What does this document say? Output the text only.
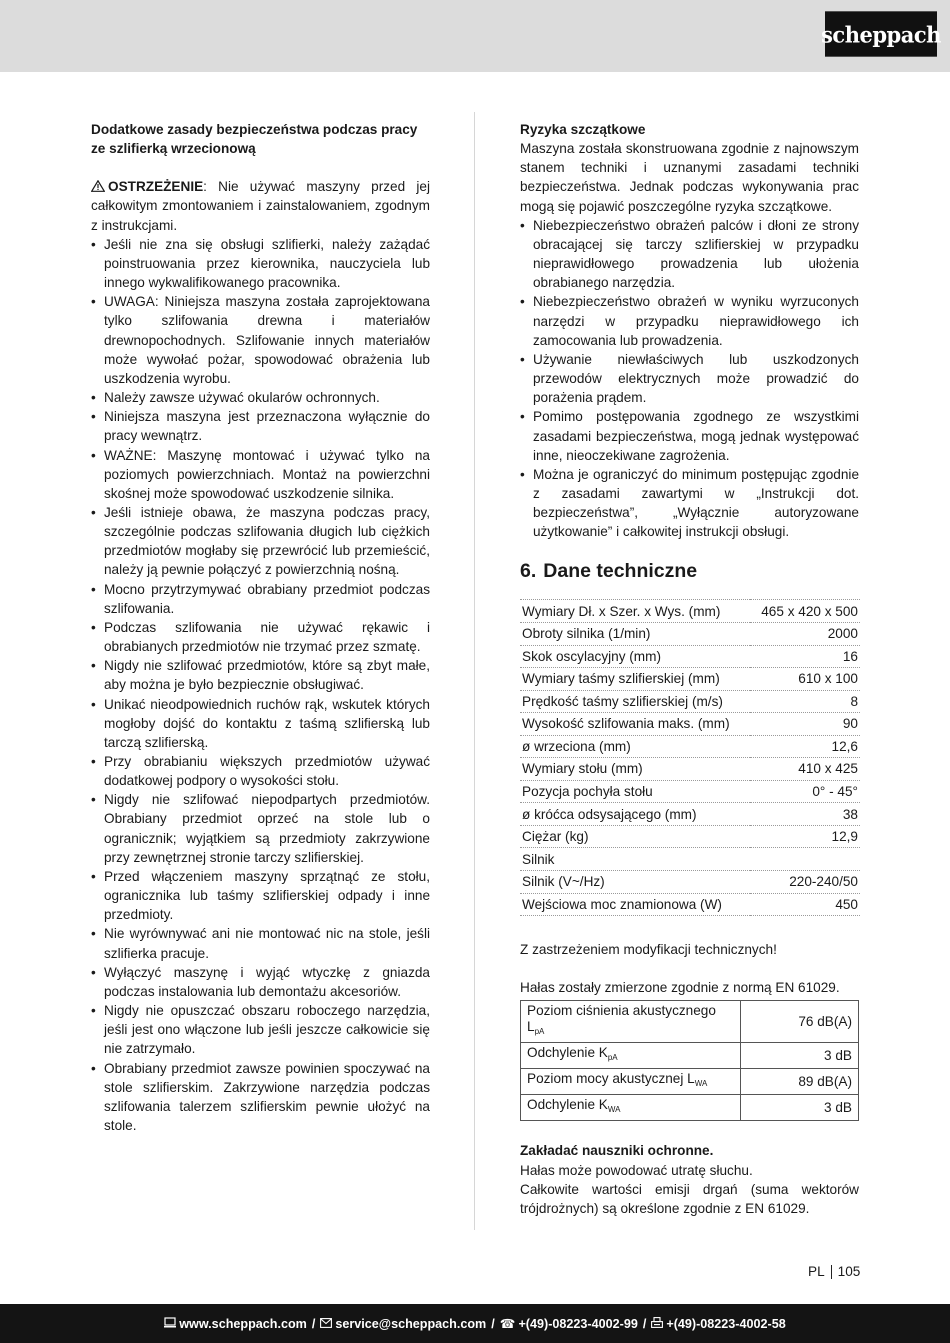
scheppach
Dodatkowe zasady bezpieczeństwa podczas pracy ze szlifierką wrzecionową
OSTRZEŻENIE: Nie używać maszyny przed jej całkowitym zmontowaniem i zainstalowaniem, zgodnym z instrukcjami.
• Jeśli nie zna się obsługi szlifierki, należy zażądać poinstruowania przez kierownika, nauczyciela lub innego wykwalifikowanego pracownika.
• UWAGA: Niniejsza maszyna została zaprojektowana tylko szlifowania drewna i materiałów drewnopochodnych. Szlifowanie innych materiałów może wywołać pożar, spowodować obrażenia lub uszkodzenia wyrobu.
• Należy zawsze używać okularów ochronnych.
• Niniejsza maszyna jest przeznaczona wyłącznie do pracy wewnątrz.
• WAŻNE: Maszynę montować i używać tylko na poziomych powierzchniach. Montaż na powierzchni skośnej może spowodować uszkodzenie silnika.
• Jeśli istnieje obawa, że maszyna podczas pracy, szczególnie podczas szlifowania długich lub ciężkich przedmiotów mogłaby się przewrócić lub przemieścić, należy ją pewnie połączyć z powierzchnią nośną.
• Mocno przytrzymywać obrabiany przedmiot podczas szlifowania.
• Podczas szlifowania nie używać rękawic i obrabianych przedmiotów nie trzymać przez szmatę.
• Nigdy nie szlifować przedmiotów, które są zbyt małe, aby można je było bezpiecznie obsługiwać.
• Unikać nieodpowiednich ruchów rąk, wskutek których mogłoby dojść do kontaktu z taśmą szlifierską lub tarczą szlifierską.
• Przy obrabianiu większych przedmiotów używać dodatkowej podpory o wysokości stołu.
• Nigdy nie szlifować niepodpartych przedmiotów. Obrabiany przedmiot oprzeć na stole lub o ogranicznik; wyjątkiem są przedmioty zakrzywione przy zewnętrznej stronie tarczy szlifierskiej.
• Przed włączeniem maszyny sprzątnąć ze stołu, ogranicznika lub taśmy szlifierskiej odpady i inne przedmioty.
• Nie wyrównywać ani nie montować nic na stole, jeśli szlifierka pracuje.
• Wyłączyć maszynę i wyjąć wtyczkę z gniazda podczas instalowania lub demontażu akcesoriów.
• Nigdy nie opuszczać obszaru roboczego narzędzia, jeśli jest ono włączone lub jeśli jeszcze całkowicie się nie zatrzymało.
• Obrabiany przedmiot zawsze powinien spoczywać na stole szlifierskim. Zakrzywione narzędzia podczas szlifowania talerzem szlifierskim pewnie ułożyć na stole.
Ryzyka szczątkowe
Maszyna została skonstruowana zgodnie z najnowszym stanem techniki i uznanymi zasadami techniki bezpieczeństwa. Jednak podczas wykonywania prac mogą się pojawić poszczególne ryzyka szczątkowe.
• Niebezpieczeństwo obrażeń palców i dłoni ze strony obracającej się tarczy szlifierskiej w przypadku nieprawidłowego prowadzenia lub ułożenia obrabianego narzędzia.
• Niebezpieczeństwo obrażeń w wyniku wyrzuconych narzędzi w przypadku nieprawidłowego ich zamocowania lub prowadzenia.
• Używanie niewłaściwych lub uszkodzonych przewodów elektrycznych może prowadzić do porażenia prądem.
• Pomimo postępowania zgodnego ze wszystkimi zasadami bezpieczeństwa, mogą jednak występować inne, nieoczekiwane zagrożenia.
• Można je ograniczyć do minimum postępując zgodnie z zasadami zawartymi w „Instrukcji dot. bezpieczeństwa”, „Wyłącznie autoryzowane użytkowanie” i całkowitej instrukcji obsługi.
6. Dane techniczne
Wymiary Dł. x Szer. x Wys. (mm)	465 x 420 x 500
Obroty silnika (1/min)	2000
Skok oscylacyjny (mm)	16
Wymiary taśmy szlifierskiej (mm)	610 x 100
Prędkość taśmy szlifierskiej (m/s)	8
Wysokość szlifowania maks. (mm)	90
ø wrzeciona (mm)	12,6
Wymiary stołu (mm)	410 x 425
Pozycja pochyła stołu	0° - 45°
ø króćca odsysającego (mm)	38
Ciężar (kg)	12,9
Silnik	
Silnik (V~/Hz)	220-240/50
Wejściowa moc znamionowa (W)	450
Z zastrzeżeniem modyfikacji technicznych!
Hałas zostały zmierzone zgodnie z normą EN 61029.
Poziom ciśnienia akustycznego $L_{pA}$	76 dB(A)
Odchylenie $K_{pA}$	3 dB
Poziom mocy akustycznej $L_{WA}$	89 dB(A)
Odchylenie $K_{WA}$	3 dB
Zakładać nauszniki ochronne.
Hałas może powodować utratę słuchu.
Całkowite wartości emisji drgań (suma wektorów trójdrożnych) są określone zgodnie z EN 61029.
PL 105
www.scheppach.com / service@scheppach.com / ☎ +(49)-08223-4002-99 / +(49)-08223-4002-58
